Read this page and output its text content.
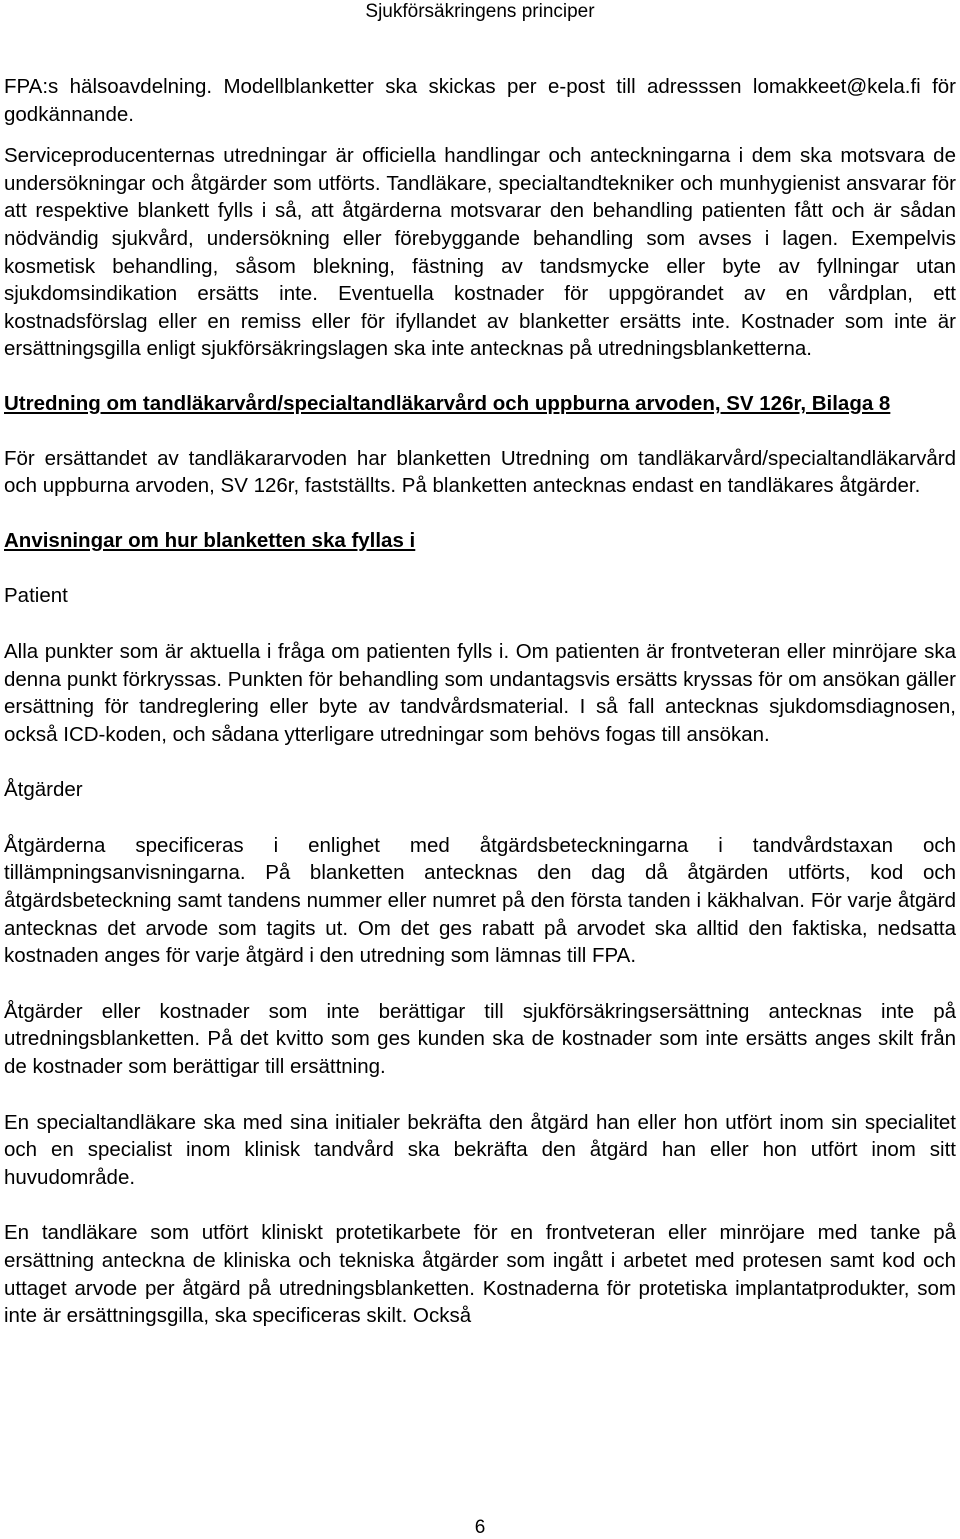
Sjukförsäkringens principer

FPA:s hälsoavdelning. Modellblanketter ska skickas per e-post till adresssen lomakkeet@kela.fi för godkännande.

Serviceproducenternas utredningar är officiella handlingar och anteckningarna i dem ska motsvara de undersökningar och åtgärder som utförts. Tandläkare, specialtandtekniker och munhygienist ansvarar för att respektive blankett fylls i så, att åtgärderna motsvarar den behandling patienten fått och är sådan nödvändig sjukvård, undersökning eller förebyggande behandling som avses i lagen. Exempelvis kosmetisk behandling, såsom blekning, fästning av tandsmycke eller byte av fyllningar utan sjukdomsindikation ersätts inte. Eventuella kostnader för uppgörandet av en vårdplan, ett kostnadsförslag eller en remiss eller för ifyllandet av blanketter ersätts inte. Kostnader som inte är ersättningsgilla enligt sjukförsäkringslagen ska inte antecknas på utredningsblanketterna.

Utredning om tandläkarvård/specialtandläkarvård och uppburna arvoden, SV 126r, Bilaga 8

För ersättandet av tandläkararvoden har blanketten Utredning om tandläkarvård/specialtandläkarvård och uppburna arvoden, SV 126r, fastställts. På blanketten antecknas endast en tandläkares åtgärder.

Anvisningar om hur blanketten ska fyllas i
Patient

Alla punkter som är aktuella i fråga om patienten fylls i. Om patienten är frontveteran eller minröjare ska denna punkt förkryssas. Punkten för behandling som undantagsvis ersätts kryssas för om ansökan gäller ersättning för tandreglering eller byte av tandvårdsmaterial. I så fall antecknas sjukdomsdiagnosen, också ICD-koden, och sådana ytterligare utredningar som behövs fogas till ansökan.

Åtgärder

Åtgärderna specificeras i enlighet med åtgärdsbeteckningarna i tandvårdstaxan och tillämpningsanvisningarna. På blanketten antecknas den dag då åtgärden utförts, kod och åtgärdsbeteckning samt tandens nummer eller numret på den första tanden i käkhalvan. För varje åtgärd antecknas det arvode som tagits ut. Om det ges rabatt på arvodet ska alltid den faktiska, nedsatta kostnaden anges för varje åtgärd i den utredning som lämnas till FPA.

Åtgärder eller kostnader som inte berättigar till sjukförsäkringsersättning antecknas inte på utredningsblanketten. På det kvitto som ges kunden ska de kostnader som inte ersätts anges skilt från de kostnader som berättigar till ersättning.

En specialtandläkare ska med sina initialer bekräfta den åtgärd han eller hon utfört inom sin specialitet och en specialist inom klinisk tandvård ska bekräfta den åtgärd han eller hon utfört inom sitt huvudområde.

En tandläkare som utfört kliniskt protetikarbete för en frontveteran eller minröjare med tanke på ersättning anteckna de kliniska och tekniska åtgärder som ingått i arbetet med protesen samt kod och uttaget arvode per åtgärd på utredningsblanketten. Kostnaderna för protetiska implantatprodukter, som inte är ersättningsgilla, ska specificeras skilt. Också

6
